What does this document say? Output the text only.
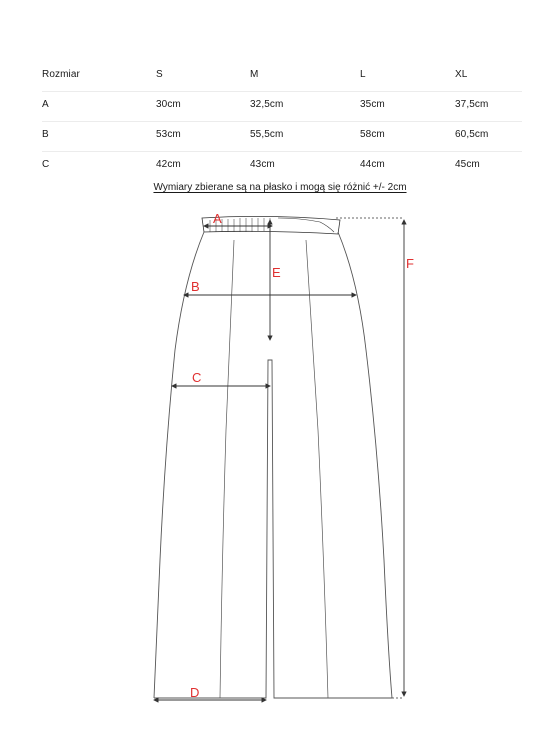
Rozmiar	S	M	L	XL
A	30cm	32,5cm	35cm	37,5cm
B	53cm	55,5cm	58cm	60,5cm
C	42cm	43cm	44cm	45cm
Wymiary zbierane są na płasko i mogą się różnić +/- 2cm
A
B
C
D
E
F
